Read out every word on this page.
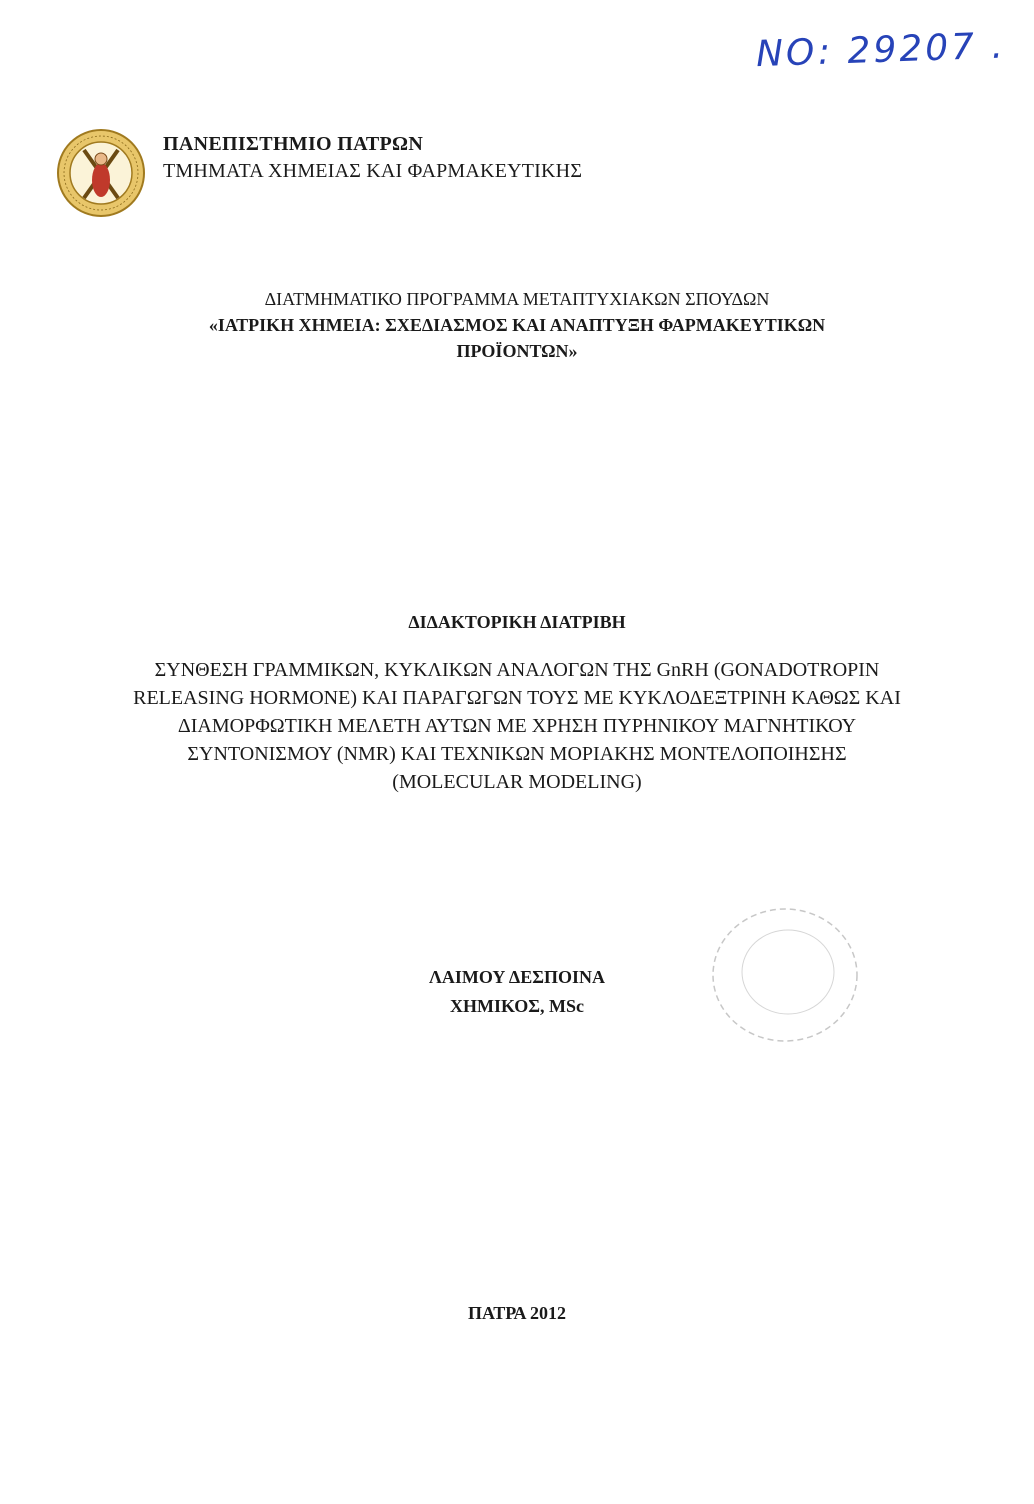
NO: 29207 .
ΠΑΝΕΠΙΣΤΗΜΙΟ ΠΑΤΡΩΝ
ΤΜΗΜΑΤΑ ΧΗΜΕΙΑΣ ΚΑΙ ΦΑΡΜΑΚΕΥΤΙΚΗΣ
ΔΙΑΤΜΗΜΑΤΙΚΟ ΠΡΟΓΡΑΜΜΑ ΜΕΤΑΠΤΥΧΙΑΚΩΝ ΣΠΟΥΔΩΝ
«ΙΑΤΡΙΚΗ ΧΗΜΕΙΑ: ΣΧΕΔΙΑΣΜΟΣ ΚΑΙ ΑΝΑΠΤΥΞΗ ΦΑΡΜΑΚΕΥΤΙΚΩΝ
ΠΡΟΪΟΝΤΩΝ»
ΔΙΔΑΚΤΟΡΙΚΗ ΔΙΑΤΡΙΒΗ
ΣΥΝΘΕΣΗ ΓΡΑΜΜΙΚΩΝ, ΚΥΚΛΙΚΩΝ ΑΝΑΛΟΓΩΝ ΤΗΣ GnRH (GONADOTROPIN
RELEASING HORMONE) ΚΑΙ ΠΑΡΑΓΩΓΩΝ ΤΟΥΣ ΜΕ ΚΥΚΛΟΔΕΞΤΡΙΝΗ ΚΑΘΩΣ ΚΑΙ
ΔΙΑΜΟΡΦΩΤΙΚΗ ΜΕΛΕΤΗ ΑΥΤΩΝ ΜΕ ΧΡΗΣΗ ΠΥΡΗΝΙΚΟΥ ΜΑΓΝΗΤΙΚΟΥ
ΣΥΝΤΟΝΙΣΜΟΥ (NMR) ΚΑΙ ΤΕΧΝΙΚΩΝ ΜΟΡΙΑΚΗΣ ΜΟΝΤΕΛΟΠΟΙΗΣΗΣ
(MOLECULAR MODELING)
ΛΑΙΜΟΥ ΔΕΣΠΟΙΝΑ
ΧΗΜΙΚΟΣ, MSc
ΠΑΤΡΑ 2012
